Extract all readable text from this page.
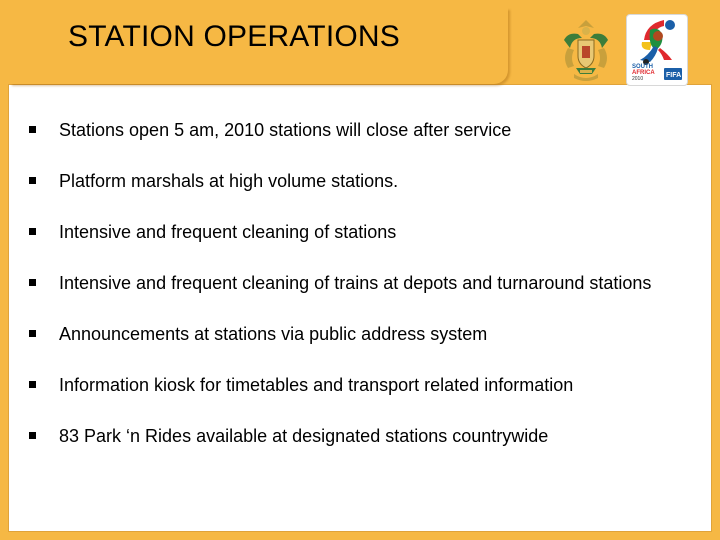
STATION OPERATIONS
SOUTH
AFRICA
2010	FIFA
Stations open 5 am, 2010 stations will close after service
Platform marshals at high volume stations.
Intensive and frequent cleaning of stations
Intensive and frequent cleaning of trains at depots and turnaround stations
Announcements at stations via public address system
Information kiosk for timetables and transport related information
83 Park ‘n Rides available at designated stations countrywide
